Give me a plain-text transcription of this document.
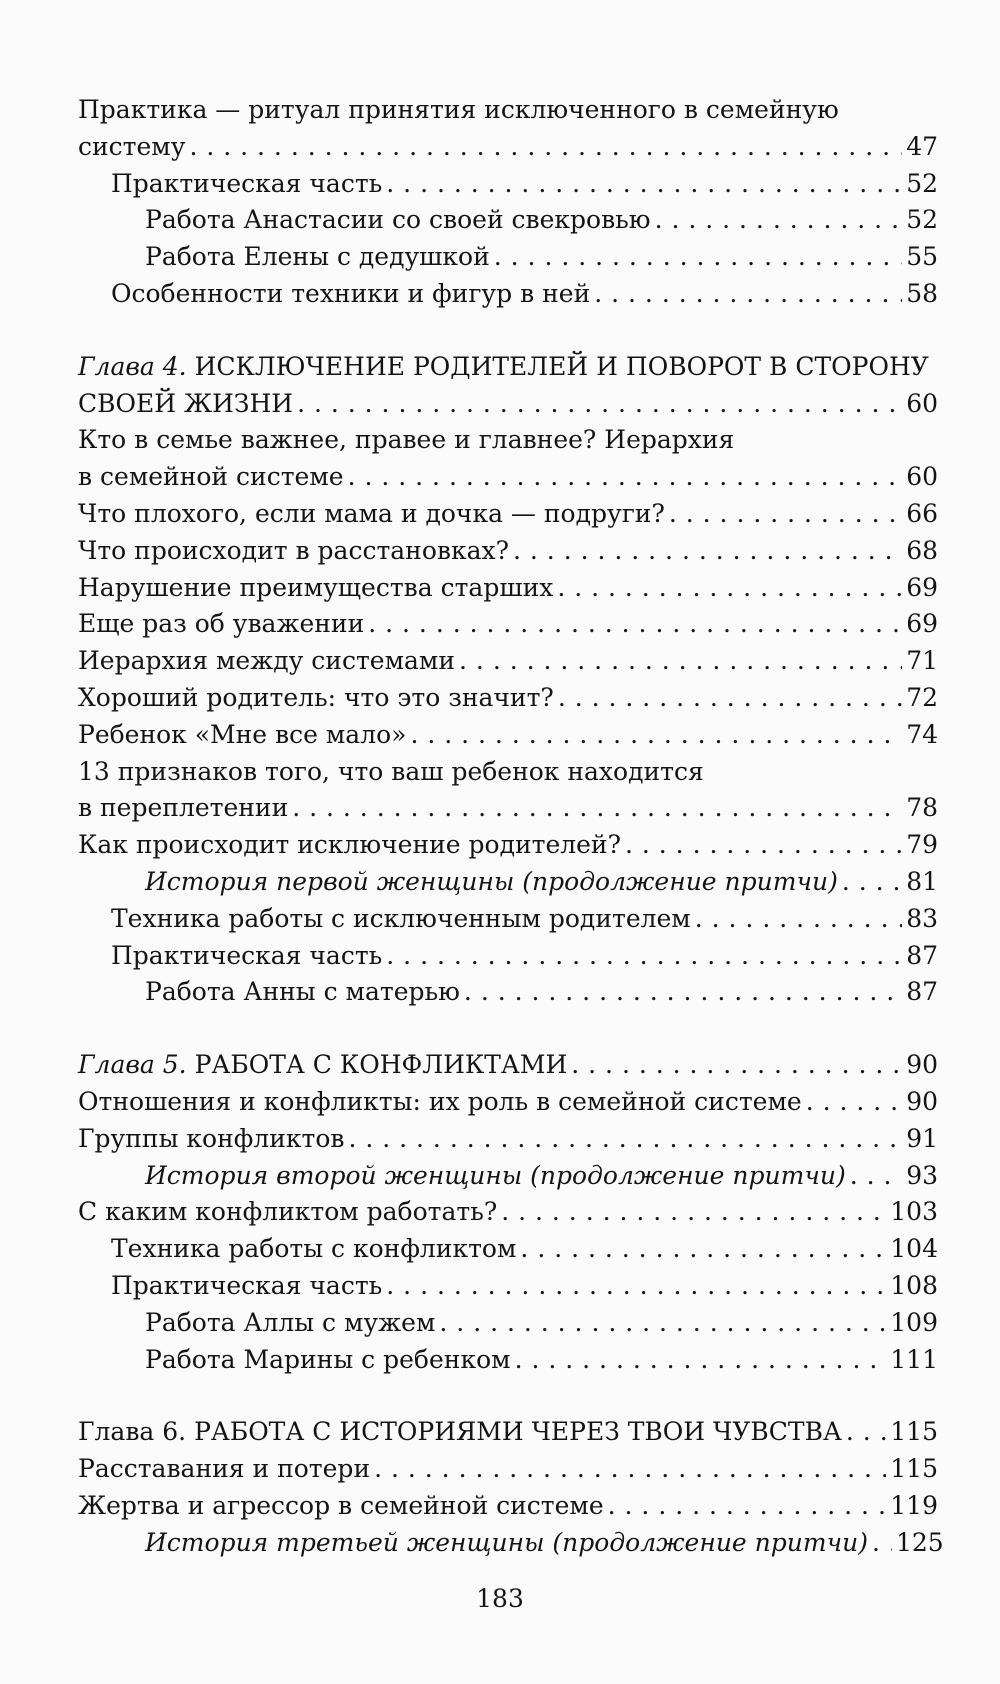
Практика — ритуал принятия исключенного в семейную
систему . . .	47
Практическая часть . . .	52
Работа Анастасии со своей свекровью . . .	52
Работа Елены с дедушкой . . .	55
Особенности техники и фигур в ней . . .	58
Глава 4. ИСКЛЮЧЕНИЕ РОДИТЕЛЕЙ И ПОВОРОТ В СТОРОНУ
СВОЕЙ ЖИЗНИ . . .	60
Кто в семье важнее, правее и главнее? Иерархия
в семейной системе . . .	60
Что плохого, если мама и дочка — подруги? . . .	66
Что происходит в расстановках? . . .	68
Нарушение преимущества старших . . .	69
Еще раз об уважении . . .	69
Иерархия между системами . . .	71
Хороший родитель: что это значит? . . .	72
Ребенок «Мне все мало» . . .	74
13 признаков того, что ваш ребенок находится
в переплетении . . .	78
Как происходит исключение родителей? . . .	79
История первой женщины (продолжение притчи) . . .	81
Техника работы с исключенным родителем . . .	83
Практическая часть . . .	87
Работа Анны с матерью . . .	87
Глава 5. РАБОТА С КОНФЛИКТАМИ . . .	90
Отношения и конфликты: их роль в семейной системе . . .	90
Группы конфликтов . . .	91
История второй женщины (продолжение притчи) . . . 93
С каким конфликтом работать? . . .	103
Техника работы с конфликтом . . .	104
Практическая часть . . .	108
Работа Аллы с мужем . . .	109
Работа Марины с ребенком . . .	111
Глава 6. РАБОТА С ИСТОРИЯМИ ЧЕРЕЗ ТВОИ ЧУВСТВА . . . 115
Расставания и потери . . .	115
Жертва и агрессор в семейной системе . . .	119
История третьей женщины (продолжение притчи) . . . 125
183
